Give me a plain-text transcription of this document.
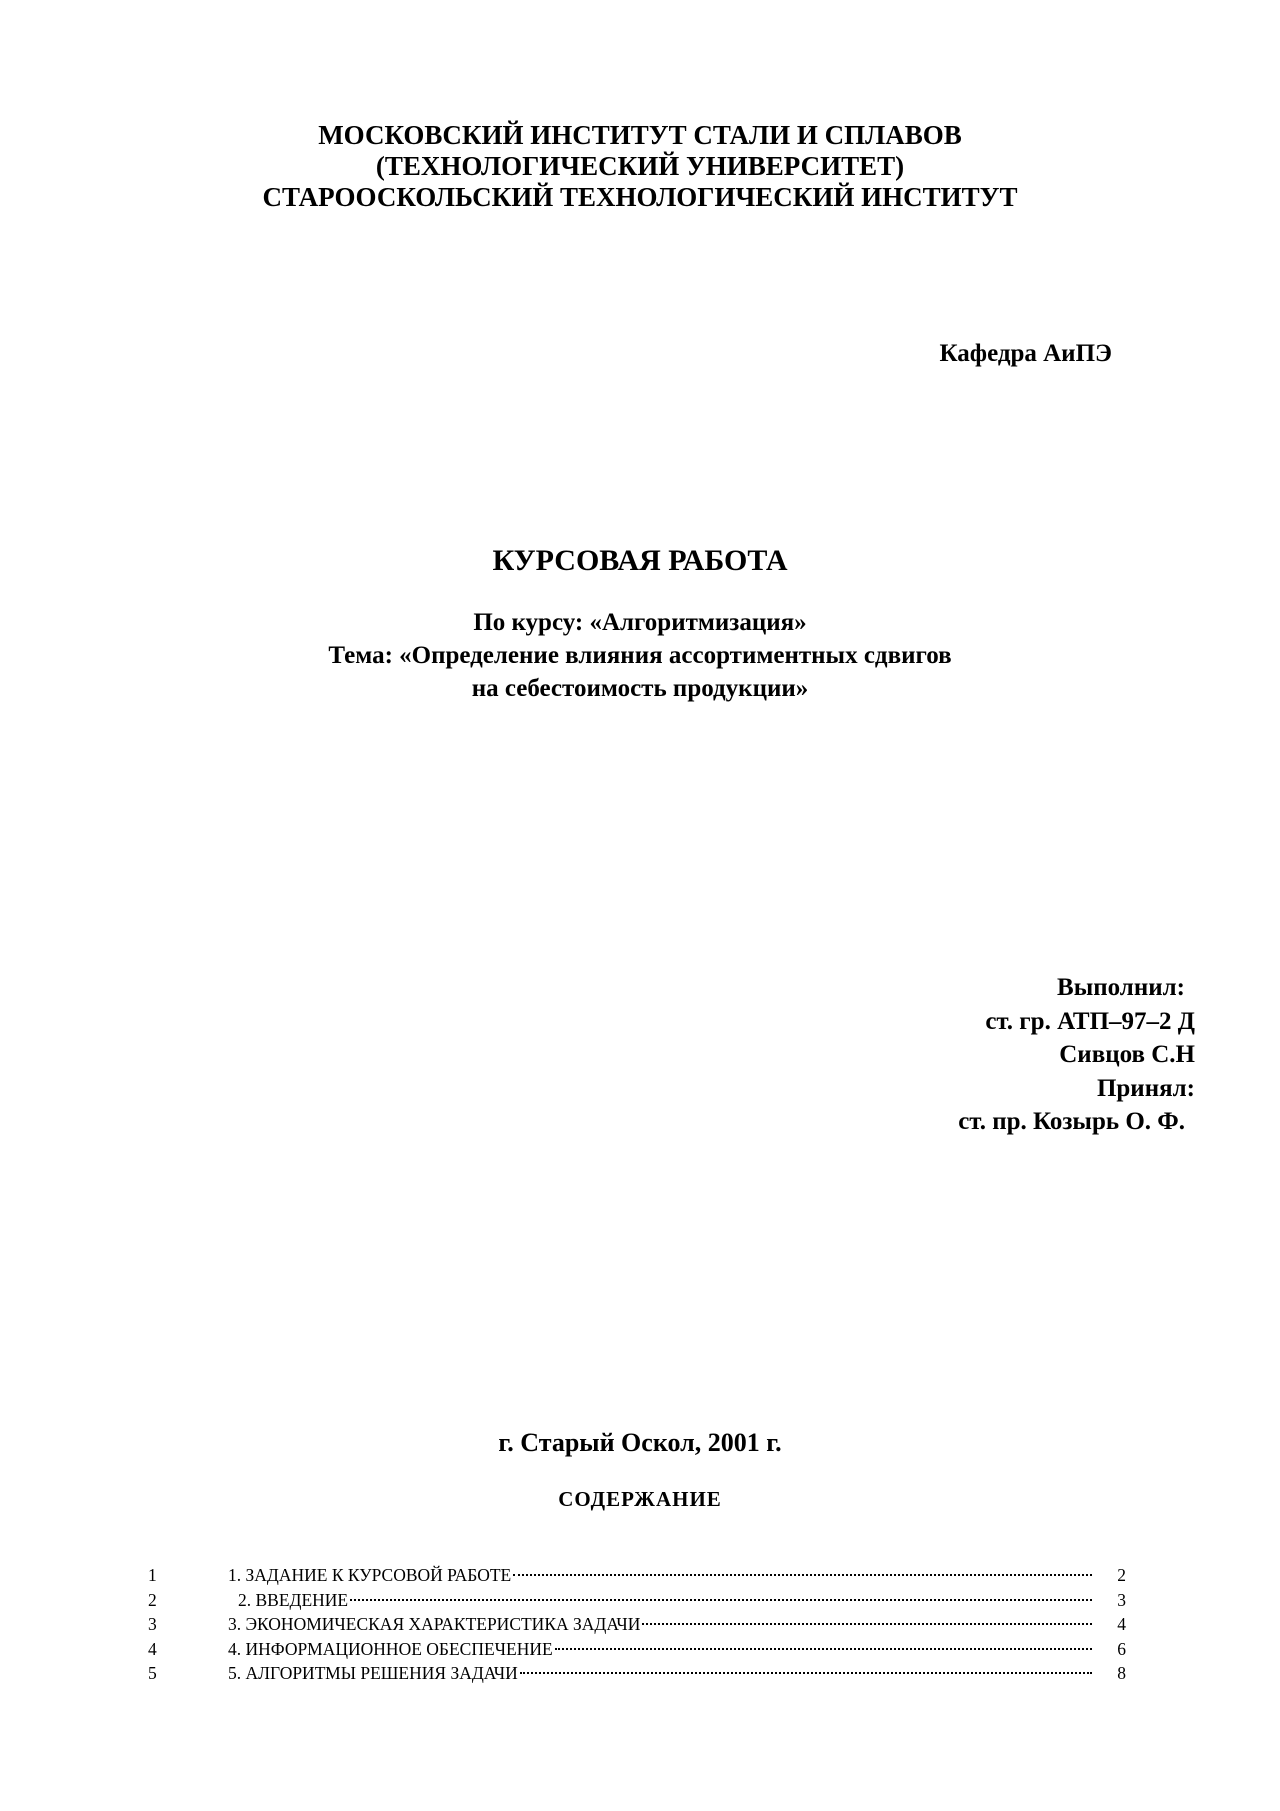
МОСКОВСКИЙ ИНСТИТУТ СТАЛИ И СПЛАВОВ
(ТЕХНОЛОГИЧЕСКИЙ УНИВЕРСИТЕТ)
СТАРООСКОЛЬСКИЙ ТЕХНОЛОГИЧЕСКИЙ ИНСТИТУТ
Кафедра АиПЭ
КУРСОВАЯ РАБОТА
По курсу: «Алгоритмизация»
Тема: «Определение влияния ассортиментных сдвигов
на себестоимость продукции»
Выполнил:
ст. гр. АТП–97–2 Д
Сивцов С.Н
Принял:
ст. пр. Козырь О. Ф.
г. Старый Оскол, 2001 г.
СОДЕРЖАНИЕ
1	1. ЗАДАНИЕ К КУРСОВОЙ РАБОТЕ	2
2	2. ВВЕДЕНИЕ	3
3	3. ЭКОНОМИЧЕСКАЯ ХАРАКТЕРИСТИКА ЗАДАЧИ	4
4	4. ИНФОРМАЦИОННОЕ ОБЕСПЕЧЕНИЕ	6
5	5. АЛГОРИТМЫ РЕШЕНИЯ ЗАДАЧИ	8
